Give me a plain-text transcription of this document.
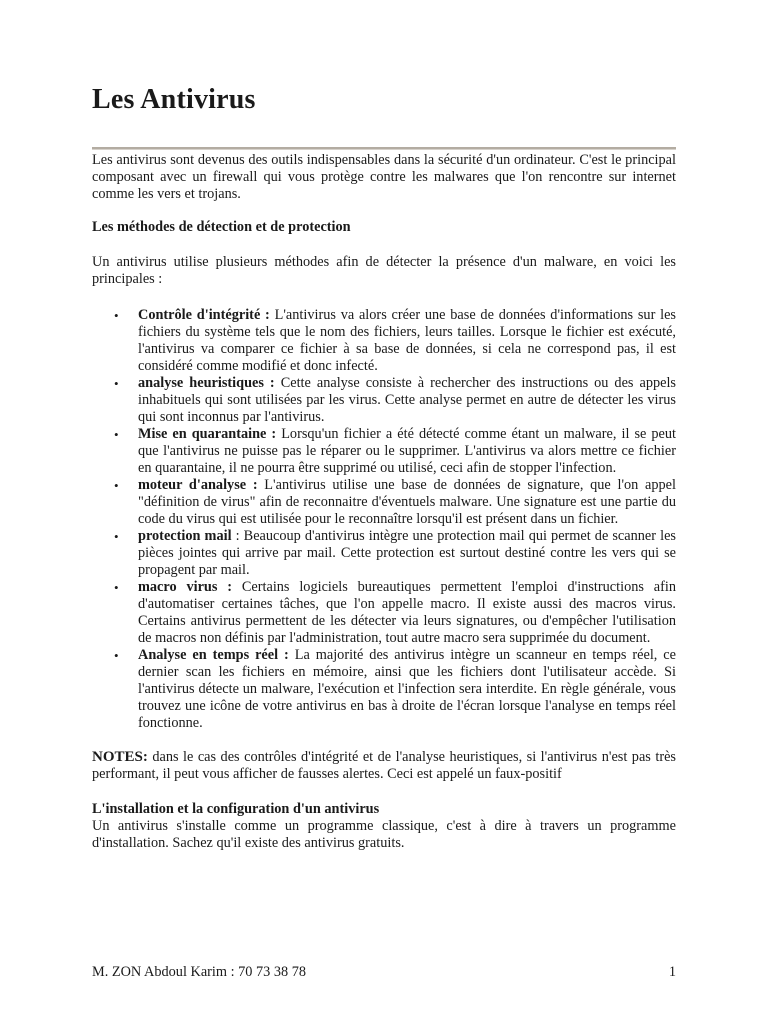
Les Antivirus

Les antivirus sont devenus des outils indispensables dans la sécurité d'un ordinateur. C'est le principal composant avec un firewall qui vous protège contre les malwares que l'on rencontre sur internet comme les vers et trojans.

Les méthodes de détection et de protection

Un antivirus utilise plusieurs méthodes afin de détecter la présence d'un malware, en voici les principales :

• Contrôle d'intégrité : L'antivirus va alors créer une base de données d'informations sur les fichiers du système tels que le nom des fichiers, leurs tailles. Lorsque le fichier est exécuté, l'antivirus va comparer ce fichier à sa base de données, si cela ne correspond pas, il est considéré comme modifié et donc infecté.
• analyse heuristiques : Cette analyse consiste à rechercher des instructions ou des appels inhabituels qui sont utilisées par les virus. Cette analyse permet en autre de détecter les virus qui sont inconnus par l'antivirus.
• Mise en quarantaine : Lorsqu'un fichier a été détecté comme étant un malware, il se peut que l'antivirus ne puisse pas le réparer ou le supprimer. L'antivirus va alors mettre ce fichier en quarantaine, il ne pourra être supprimé ou utilisé, ceci afin de stopper l'infection.
• moteur d'analyse : L'antivirus utilise une base de données de signature, que l'on appel "définition de virus" afin de reconnaitre d'éventuels malware. Une signature est une partie du code du virus qui est utilisée pour le reconnaître lorsqu'il est présent dans un fichier.
• protection mail : Beaucoup d'antivirus intègre une protection mail qui permet de scanner les pièces jointes qui arrive par mail. Cette protection est surtout destiné contre les vers qui se propagent par mail.
• macro virus : Certains logiciels bureautiques permettent l'emploi d'instructions afin d'automatiser certaines tâches, que l'on appelle macro. Il existe aussi des macros virus. Certains antivirus permettent de les détecter via leurs signatures, ou d'empêcher l'utilisation de macros non définis par l'administration, tout autre macro sera supprimée du document.
• Analyse en temps réel : La majorité des antivirus intègre un scanneur en temps réel, ce dernier scan les fichiers en mémoire, ainsi que les fichiers dont l'utilisateur accède. Si l'antivirus détecte un malware, l'exécution et l'infection sera interdite. En règle générale, vous trouvez une icône de votre antivirus en bas à droite de l'écran lorsque l'analyse en temps réel fonctionne.

NOTES: dans le cas des contrôles d'intégrité et de l'analyse heuristiques, si l'antivirus n'est pas très performant, il peut vous afficher de fausses alertes. Ceci est appelé un faux-positif

L'installation et la configuration d'un antivirus

Un antivirus s'installe comme un programme classique, c'est à dire à travers un programme d'installation. Sachez qu'il existe des antivirus gratuits.

M. ZON Abdoul Karim : 70 73 38 78	1
